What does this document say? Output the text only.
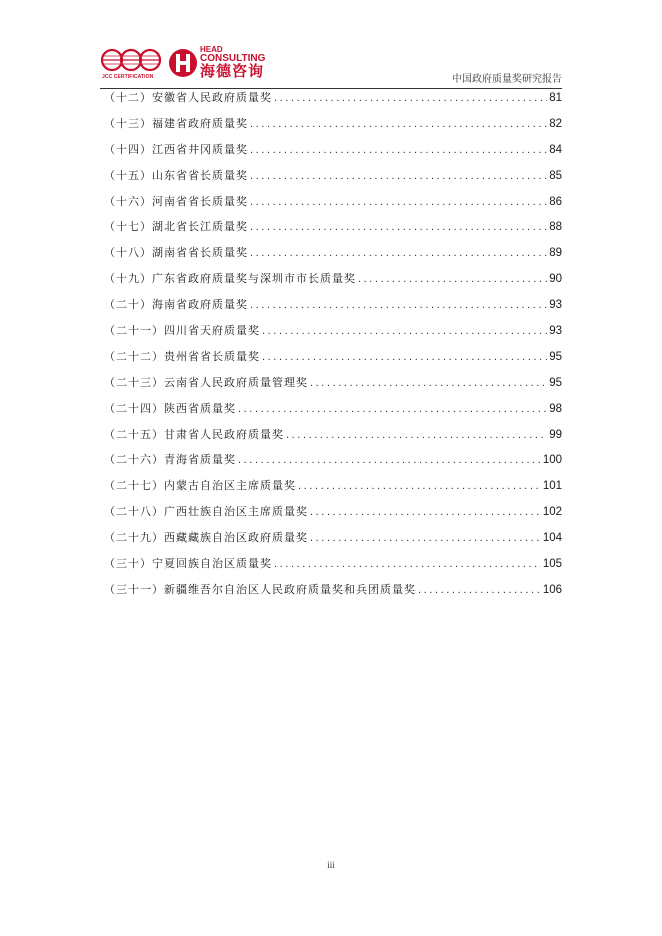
JCC CERTIFICATION
HEAD
CONSULTING
海德咨询	中国政府质量奖研究报告
（十二）安徽省人民政府质量奖 .....	81
（十三）福建省政府质量奖 .....	82
（十四）江西省井冈质量奖 .....	84
（十五）山东省省长质量奖 .....	85
（十六）河南省省长质量奖 .....	86
（十七）湖北省长江质量奖 .....	88
（十八）湖南省省长质量奖 .....	89
（十九）广东省政府质量奖与深圳市市长质量奖 .....	90
（二十）海南省政府质量奖 .....	93
（二十一）四川省天府质量奖 .....	93
（二十二）贵州省省长质量奖 .....	95
（二十三）云南省人民政府质量管理奖 .....	95
（二十四）陕西省质量奖 .....	98
（二十五）甘肃省人民政府质量奖 .....	99
（二十六）青海省质量奖 .....	100
（二十七）内蒙古自治区主席质量奖 .....	101
（二十八）广西壮族自治区主席质量奖 .....	102
（二十九）西藏藏族自治区政府质量奖 .....	104
（三十）宁夏回族自治区质量奖 .....	105
（三十一）新疆维吾尔自治区人民政府质量奖和兵团质量奖 .....	106
iii
